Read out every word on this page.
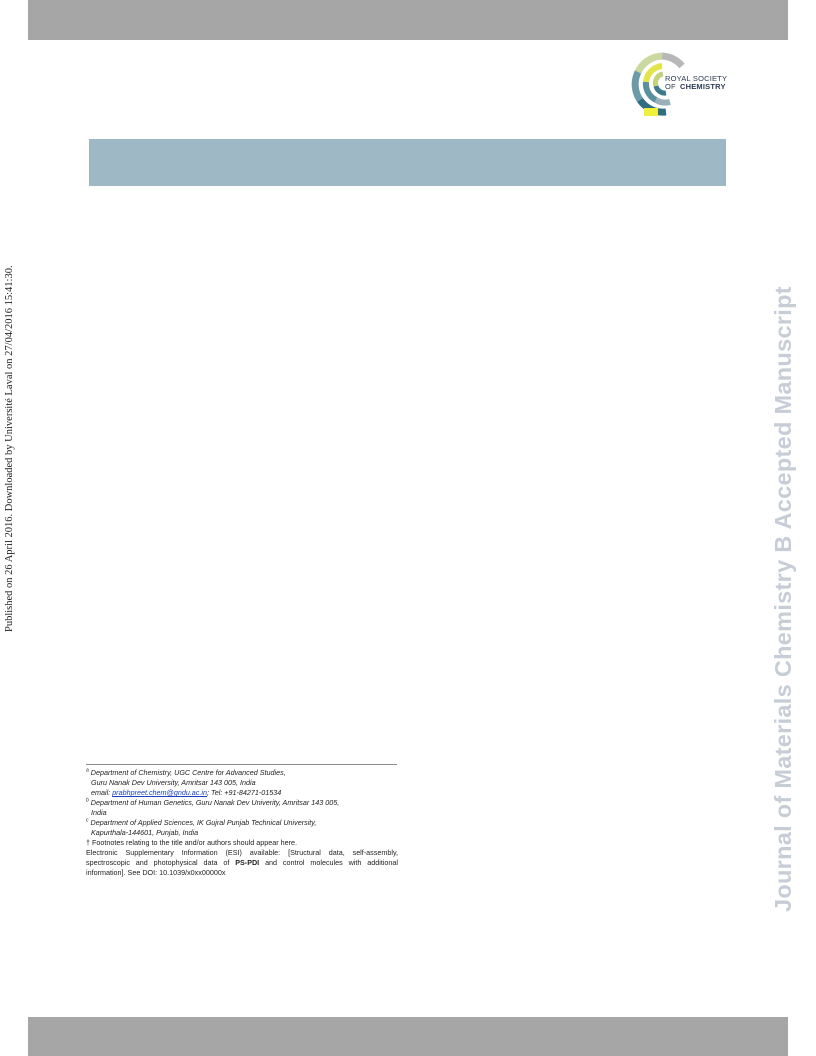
ROYAL SOCIETY
OF CHEMISTRY
Published on 26 April 2016. Downloaded by Université Laval on 27/04/2016 15:41:30.	Journal of Materials Chemistry B Accepted Manuscript
$^a$ Department of Chemistry, UGC Centre for Advanced Studies,
Guru Nanak Dev University, Amritsar 143 005, India
email: prabhpreet.chem@gndu.ac.in; Tel: +91-84271-01534
$^b$ Department of Human Genetics, Guru Nanak Dev Univerity, Amritsar 143 005,
India
$^c$ Department of Applied Sciences, IK Gujral Punjab Technical University,
Kapurthala-144601, Punjab, India
† Footnotes relating to the title and/or authors should appear here.
Electronic Supplementary Information (ESI) available: [Structural data, self-assembly, spectroscopic and photophysical data of PS-PDI and control molecules with additional information]. See DOI: 10.1039/x0xx00000x
